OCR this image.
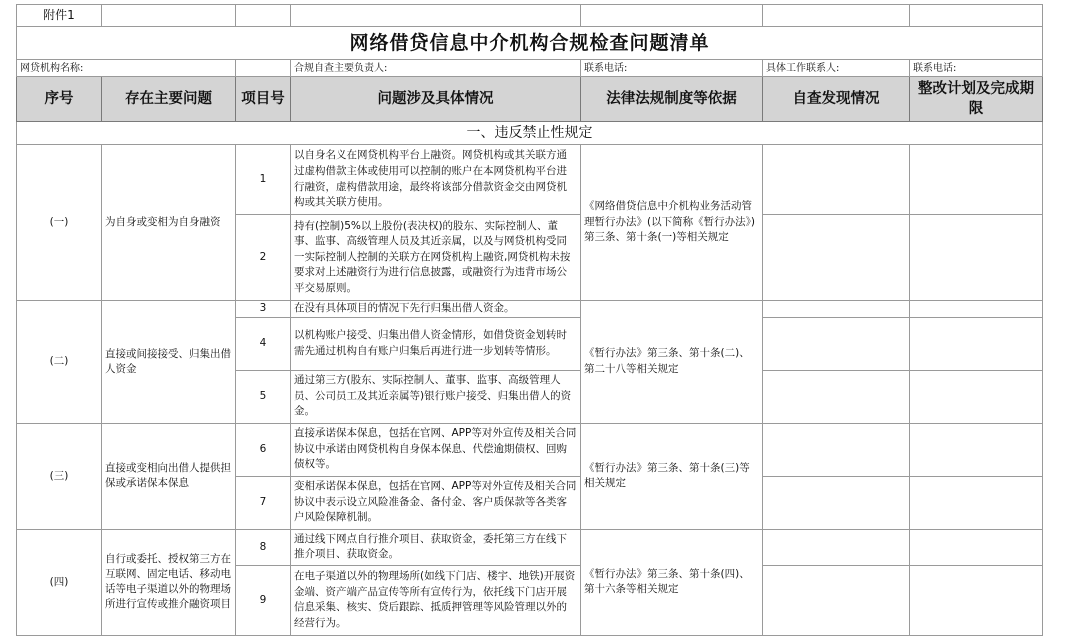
附件1						
网络借贷信息中介机构合规检查问题清单						
网贷机构名称:			合规自查主要负责人:	联系电话:	具体工作联系人:	联系电话:
序号	存在主要问题	项目号	问题涉及具体情况	法律法规制度等依据	自查发现情况	整改计划及完成期限
一、违反禁止性规定						
(一)	为自身或变相为自身融资	1	以自身名义在网贷机构平台上融资。网贷机构或其关联方通过虚构借款主体或使用可以控制的账户在本网贷机构平台进行融资，虚构借款用途，最终将该部分借款资金交由网贷机构或其关联方使用。	《网络借贷信息中介机构业务活动管理暂行办法》(以下简称《暂行办法》)第三条、第十条(一)等相关规定		
		2	持有(控制)5%以上股份(表决权)的股东、实际控制人、董事、监事、高级管理人员及其近亲属，以及与网贷机构受同一实际控制人控制的关联方在网贷机构上融资,网贷机构未按要求对上述融资行为进行信息披露，或融资行为违背市场公平交易原则。			
(二)	直接或间接接受、归集出借人资金	3	在没有具体项目的情况下先行归集出借人资金。	《暂行办法》第三条、第十条(二)、第二十八等相关规定		
		4	以机构账户接受、归集出借人资金情形，如借贷资金划转时需先通过机构自有账户归集后再进行进一步划转等情形。			
		5	通过第三方(股东、实际控制人、董事、监事、高级管理人员、公司员工及其近亲属等)银行账户接受、归集出借人的资金。			
(三)	直接或变相向出借人提供担保或承诺保本保息	6	直接承诺保本保息，包括在官网、APP等对外宣传及相关合同协议中承诺由网贷机构自身保本保息、代偿逾期债权、回购债权等。	《暂行办法》第三条、第十条(三)等相关规定		
		7	变相承诺保本保息，包括在官网、APP等对外宣传及相关合同协议中表示设立风险准备金、备付金、客户质保款等各类客户风险保障机制。			
(四)	自行或委托、授权第三方在互联网、固定电话、移动电话等电子渠道以外的物理场所进行宣传或推介融资项目	8	通过线下网点自行推介项目、获取资金，委托第三方在线下推介项目、获取资金。	《暂行办法》第三条、第十条(四)、第十六条等相关规定		
		9	在电子渠道以外的物理场所(如线下门店、楼宇、地铁)开展资金端、资产端产品宣传等所有宣传行为，依托线下门店开展信息采集、核实、贷后跟踪、抵质押管理等风险管理以外的经营行为。			
